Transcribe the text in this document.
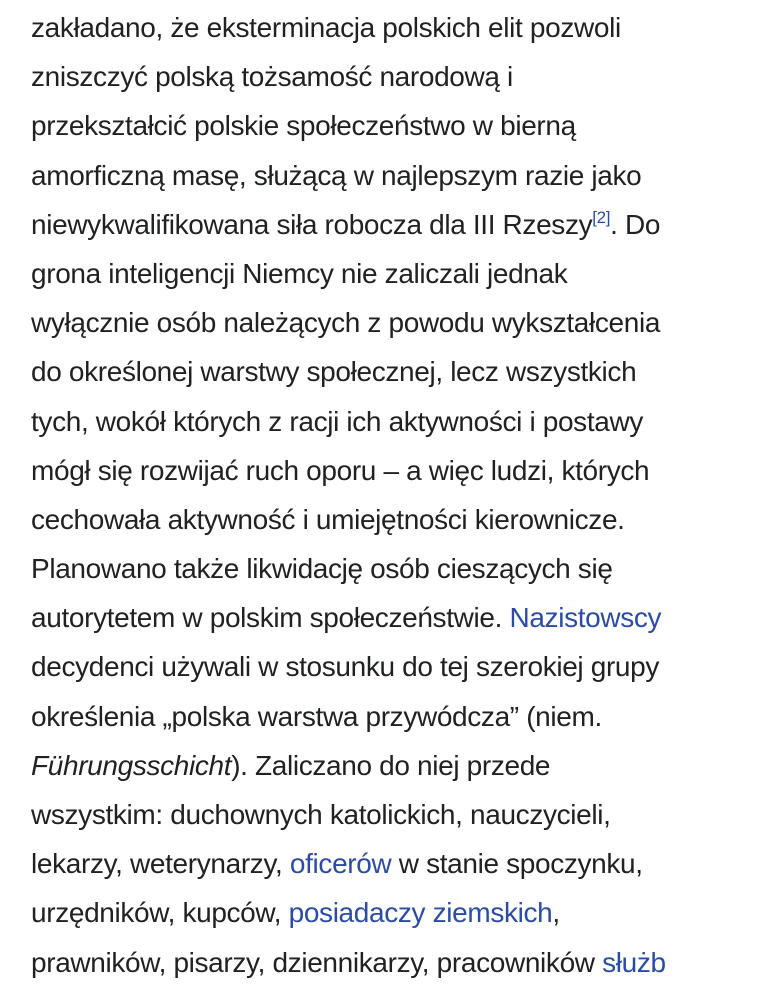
zakładano, że eksterminacja polskich elit pozwoli
zniszczyć polską tożsamość narodową i
przekształcić polskie społeczeństwo w bierną
amorficzną masę, służącą w najlepszym razie jako
niewykwalifikowana siła robocza dla III Rzeszy[2]. Do
grona inteligencji Niemcy nie zaliczali jednak
wyłącznie osób należących z powodu wykształcenia
do określonej warstwy społecznej, lecz wszystkich
tych, wokół których z racji ich aktywności i postawy
mógł się rozwijać ruch oporu – a więc ludzi, których
cechowała aktywność i umiejętności kierownicze.
Planowano także likwidację osób cieszących się
autorytetem w polskim społeczeństwie. Nazistowscy
decydenci używali w stosunku do tej szerokiej grupy
określenia „polska warstwa przywódcza” (niem.
Führungsschicht). Zaliczano do niej przede
wszystkim: duchownych katolickich, nauczycieli,
lekarzy, weterynarzy, oficerów w stanie spoczynku,
urzędników, kupców, posiadaczy ziemskich,
prawników, pisarzy, dziennikarzy, pracowników służb
